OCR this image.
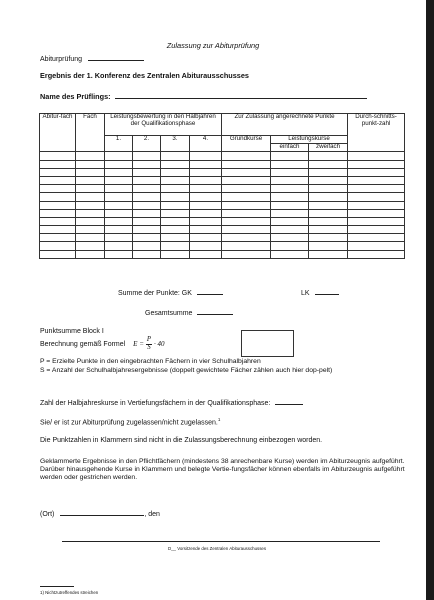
Zulassung zur Abiturprüfung
Abiturprüfung
Ergebnis der 1. Konferenz des Zentralen Abiturausschusses
Name des Prüflings:
Abitur-fach	Fach	Leistungsbewertung in den Halbjahren der Qualifikationsphase				Zur Zulassung angerechnete Punkte			Durch-schnitts-punkt-zahl

		1.	2.	3.	4.	Grundkurse	Leistungskurse		
							einfach	zweifach	

Summe der Punkte: GK	LK
Gesamtsumme
Punktsumme Block I
Berechnung gemäß Formel $E = \frac{P}{S} \cdot 40$
P = Erzielte Punkte in den eingebrachten Fächern in vier Schulhalbjahren
S = Anzahl der Schulhalbjahresergebnisse (doppelt gewichtete Fächer zählen auch hier dop-pelt)
Zahl der Halbjahreskurse in Vertiefungsfächern in der Qualifikationsphase:
Sie/ er ist zur Abiturprüfung zugelassen/nicht zugelassen.$^1$
Die Punktzahlen in Klammern sind nicht in die Zulassungsberechnung einbezogen worden.
Geklammerte Ergebnisse in den Pflichtfächern (mindestens 38 anrechenbare Kurse) werden im Abiturzeugnis aufgeführt. Darüber hinausgehende Kurse in Klammern und belegte Vertie-fungsfächer können ebenfalls im Abiturzeugnis aufgeführt werden oder gestrichen werden.
(Ort)	, den
D__ Vorsitzende des Zentralen Abiturausschusses
1) Nichtzutreffendes streichen
